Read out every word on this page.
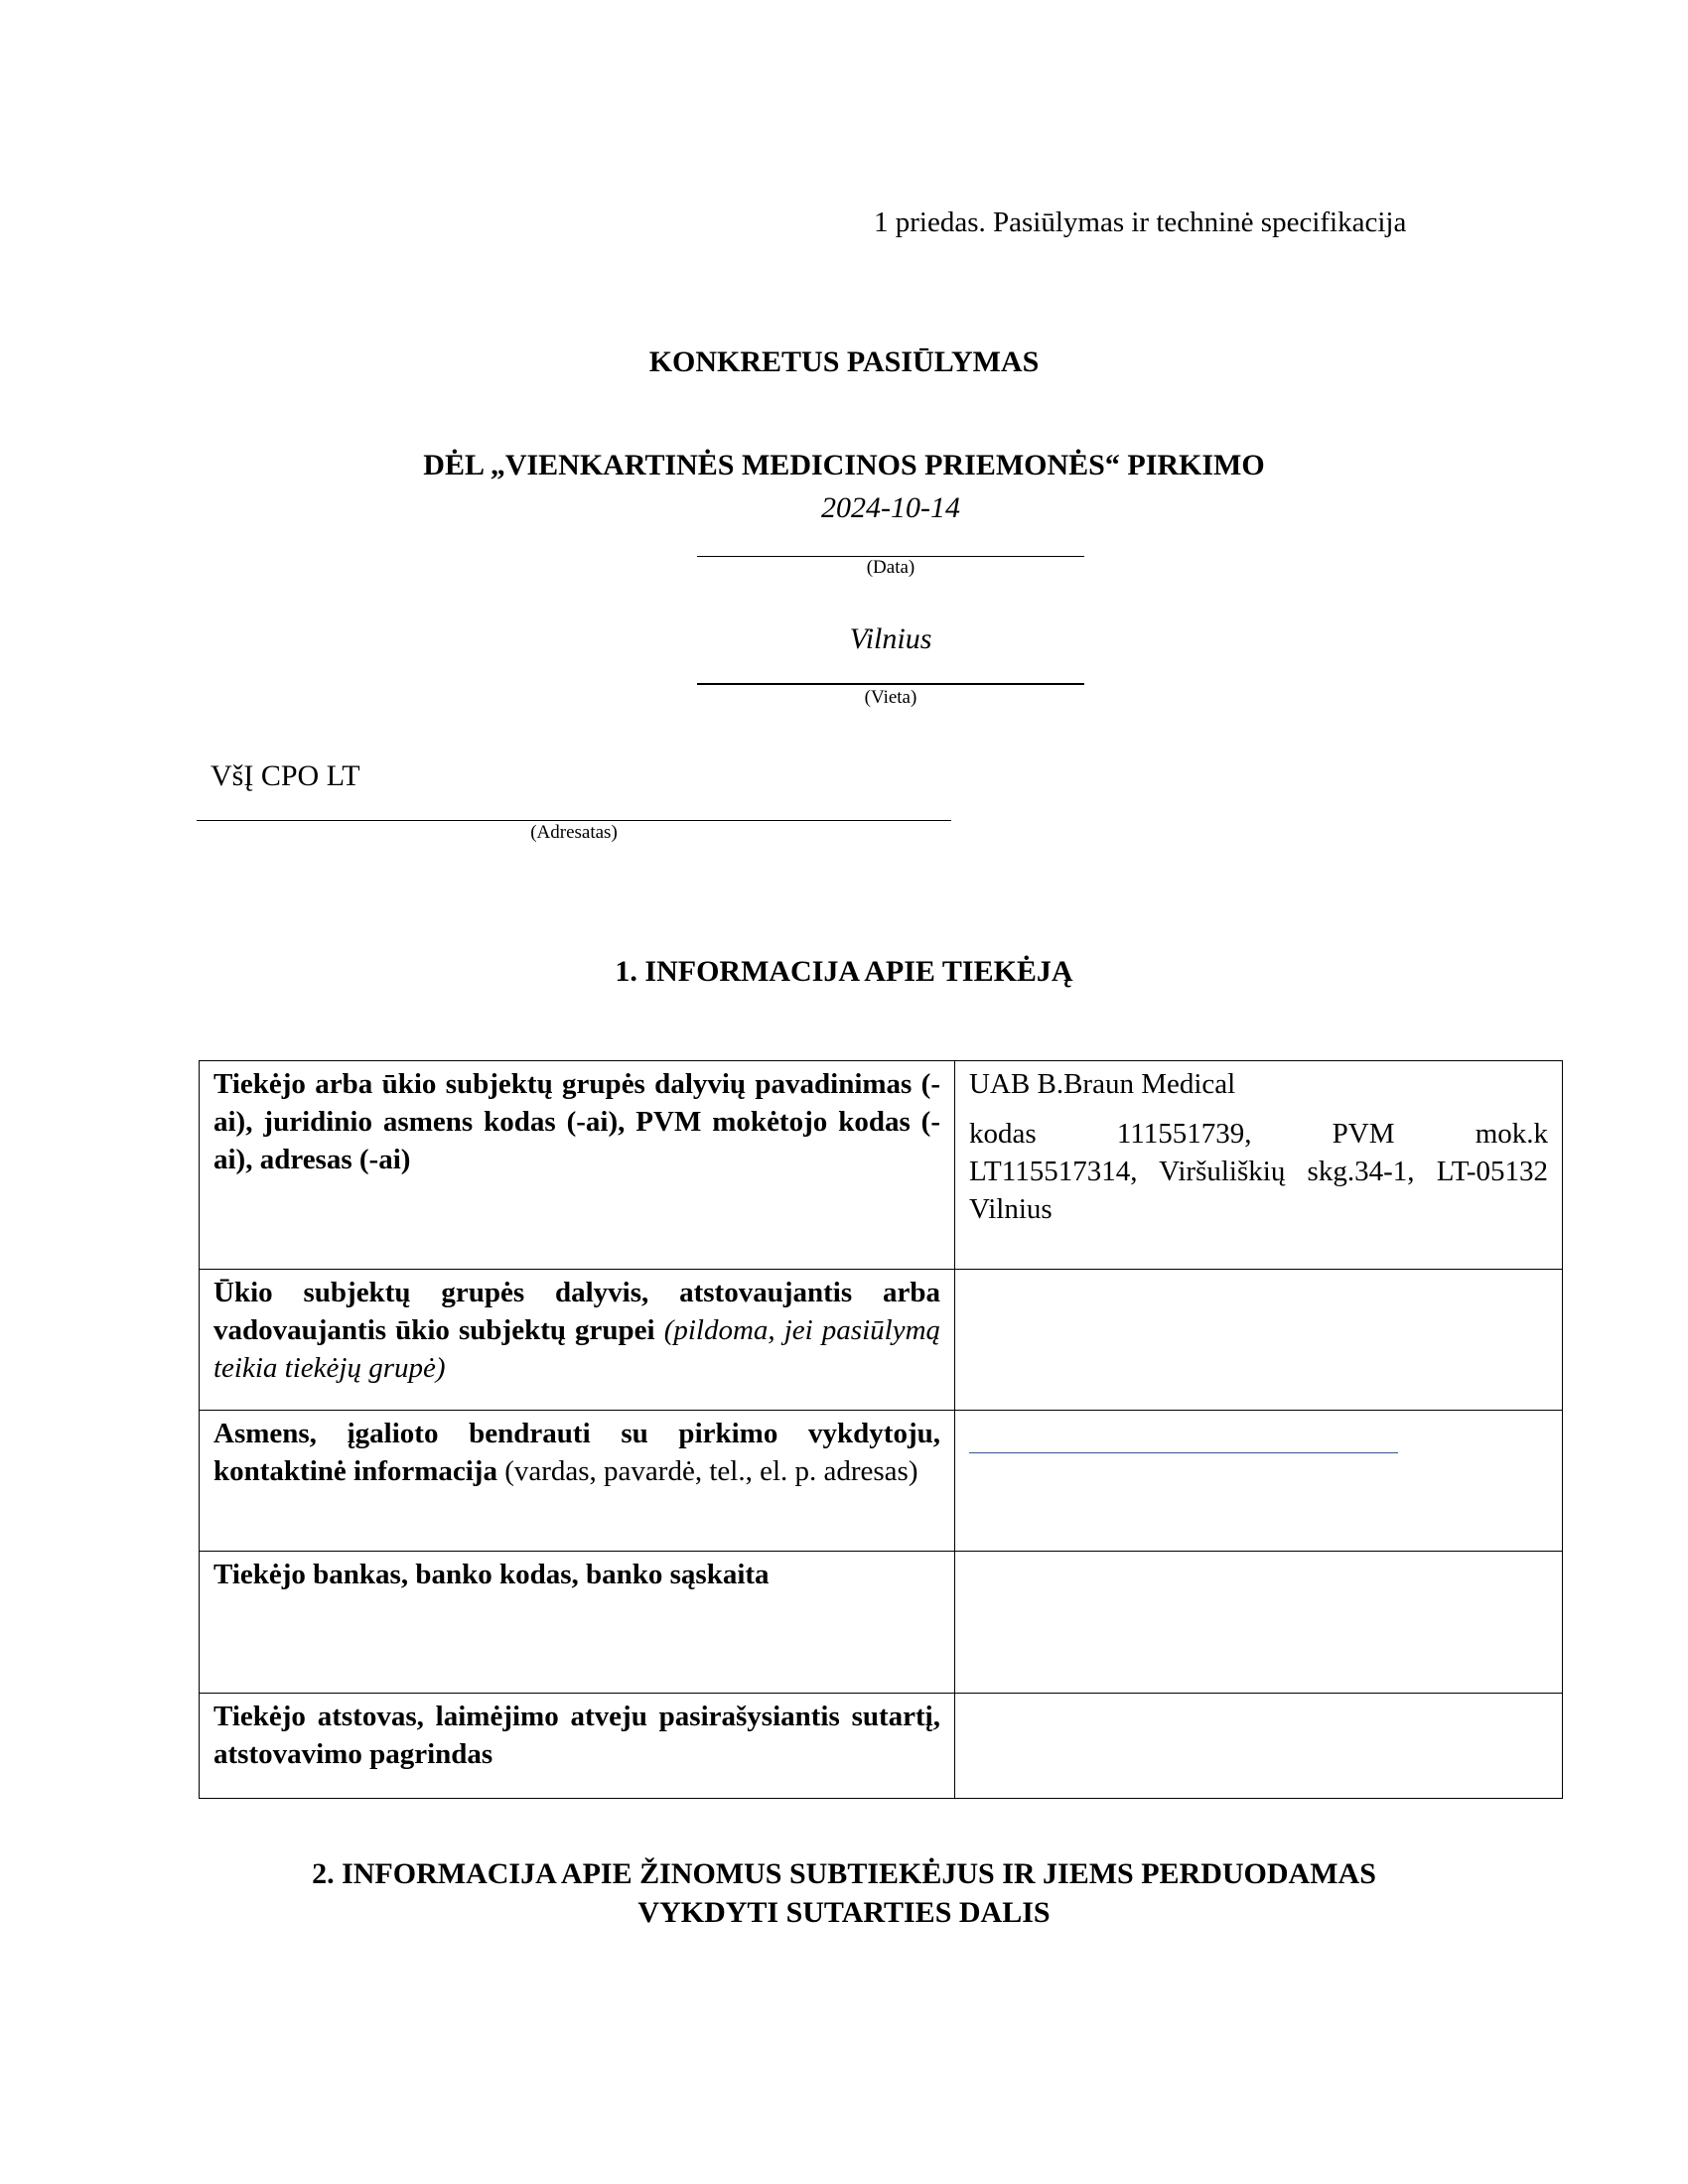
1 priedas. Pasiūlymas ir techninė specifikacija
KONKRETUS PASIŪLYMAS
DĖL „VIENKARTINĖS MEDICINOS PRIEMONĖS“ PIRKIMO
2024-10-14
(Data)
Vilnius
(Vieta)
VšĮ CPO LT
(Adresatas)
1. INFORMACIJA APIE TIEKĖJĄ
Tiekėjo arba ūkio subjektų grupės dalyvių pavadinimas (-ai), juridinio asmens kodas (-ai), PVM mokėtojo kodas (-ai), adresas (-ai)	UAB B.Braun Medical
kodas 111551739, PVM mok.k
LT115517314, Viršuliškių skg.34-1, LT-05132 Vilnius

Ūkio subjektų grupės dalyvis, atstovaujantis arba vadovaujantis ūkio subjektų grupei (pildoma, jei pasiūlymą teikia tiekėjų grupė)	
Asmens, įgalioto bendrauti su pirkimo vykdytoju, kontaktinė informacija (vardas, pavardė, tel., el. p. adresas)	

Tiekėjo bankas, banko kodas, banko sąskaita	
Tiekėjo atstovas, laimėjimo atveju pasirašysiantis sutartį, atstovavimo pagrindas	
2. INFORMACIJA APIE ŽINOMUS SUBTIEKĖJUS IR JIEMS PERDUODAMAS
VYKDYTI SUTARTIES DALIS
